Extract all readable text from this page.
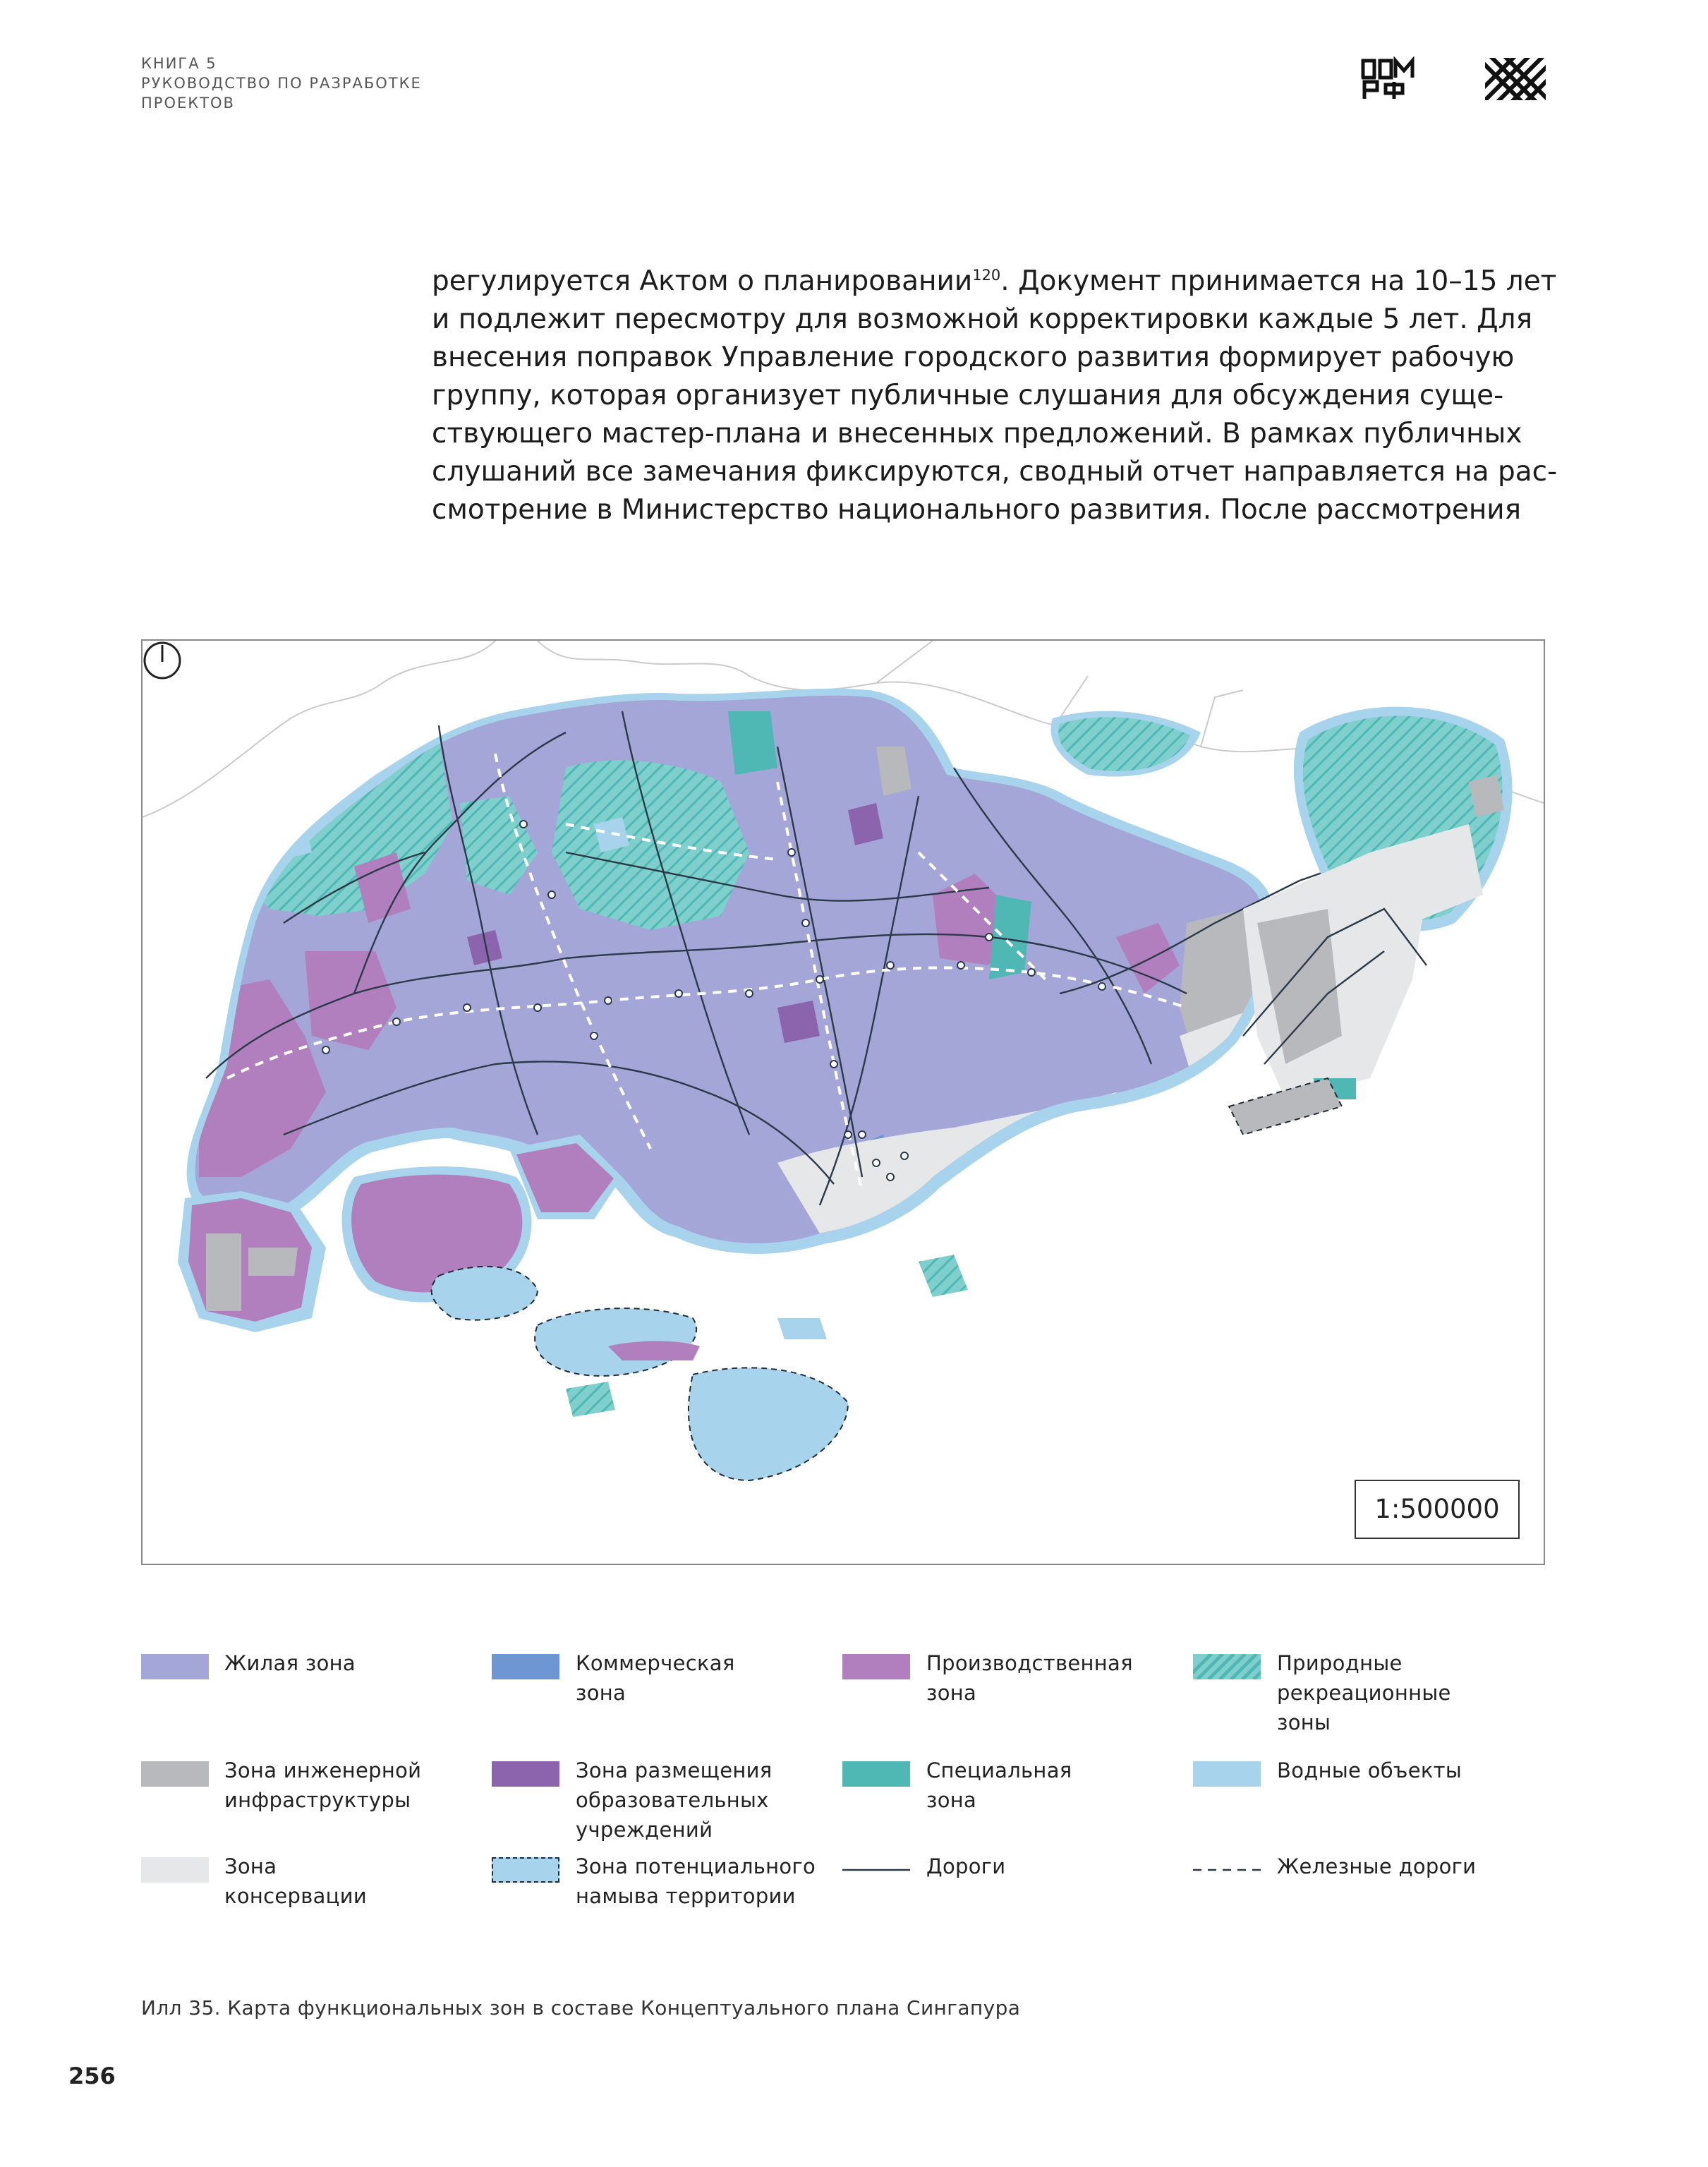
КНИГА 5
РУКОВОДСТВО ПО РАЗРАБОТКЕ
ПРОЕКТОВ

регулируется Актом о планировании$^{120}$. Документ принимается на 10–15 лет

и подлежит пересмотру для возможной корректировки каждые 5 лет. Для

внесения поправок Управление городского развития формирует рабочую

группу, которая организует публичные слушания для обсуждения суще-

ствующего мастер-плана и внесенных предложений. В рамках публичных

слушаний все замечания фиксируются, сводный отчет направляется на рас-

смотрение в Министерство национального развития. После рассмотрения

1:500000
Жилая зона	Коммерческая зона
Производственная зона
Природные рекреационные зоны
Зона инженерной инфраструктуры
Зона размещения образовательных учреждений
Специальная зона
Водные объекты
Зона консервации
Зона потенциального намыва территории
Дороги	Железные дороги
Илл 35. Карта функциональных зон в составе Концептуального плана Сингапура
256
